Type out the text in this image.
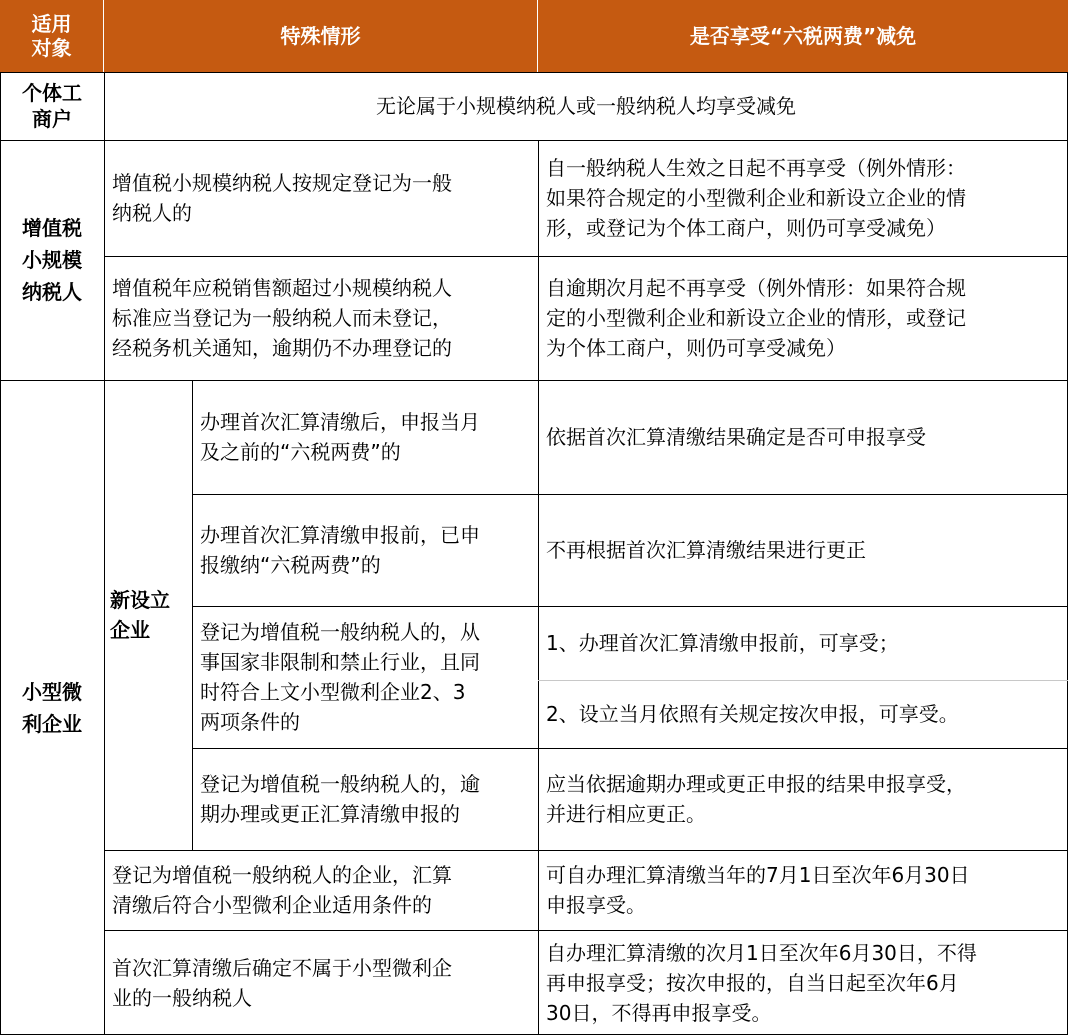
适用
对象	特殊情形	是否享受“六税两费”减免
个体工
商户
无论属于小规模纳税人或一般纳税人均享受减免
增值税
小规模
纳税人
增值税小规模纳税人按规定登记为一般
纳税人的
自一般纳税人生效之日起不再享受（例外情形：
如果符合规定的小型微利企业和新设立企业的情
形，或登记为个体工商户，则仍可享受减免）
增值税年应税销售额超过小规模纳税人
标准应当登记为一般纳税人而未登记，
经税务机关通知，逾期仍不办理登记的
自逾期次月起不再享受（例外情形：如果符合规
定的小型微利企业和新设立企业的情形，或登记
为个体工商户，则仍可享受减免）
小型微
利企业
新设立
企业
办理首次汇算清缴后，申报当月
及之前的“六税两费”的
依据首次汇算清缴结果确定是否可申报享受
办理首次汇算清缴申报前，已申
报缴纳“六税两费”的
不再根据首次汇算清缴结果进行更正
登记为增值税一般纳税人的，从
事国家非限制和禁止行业，且同
时符合上文小型微利企业2、3
两项条件的
1、办理首次汇算清缴申报前，可享受；
2、设立当月依照有关规定按次申报，可享受。
登记为增值税一般纳税人的，逾
期办理或更正汇算清缴申报的
应当依据逾期办理或更正申报的结果申报享受，
并进行相应更正。
登记为增值税一般纳税人的企业，汇算
清缴后符合小型微利企业适用条件的
可自办理汇算清缴当年的7月1日至次年6月30日
申报享受。
首次汇算清缴后确定不属于小型微利企
业的一般纳税人
自办理汇算清缴的次月1日至次年6月30日，不得
再申报享受；按次申报的，自当日起至次年6月
30日，不得再申报享受。
